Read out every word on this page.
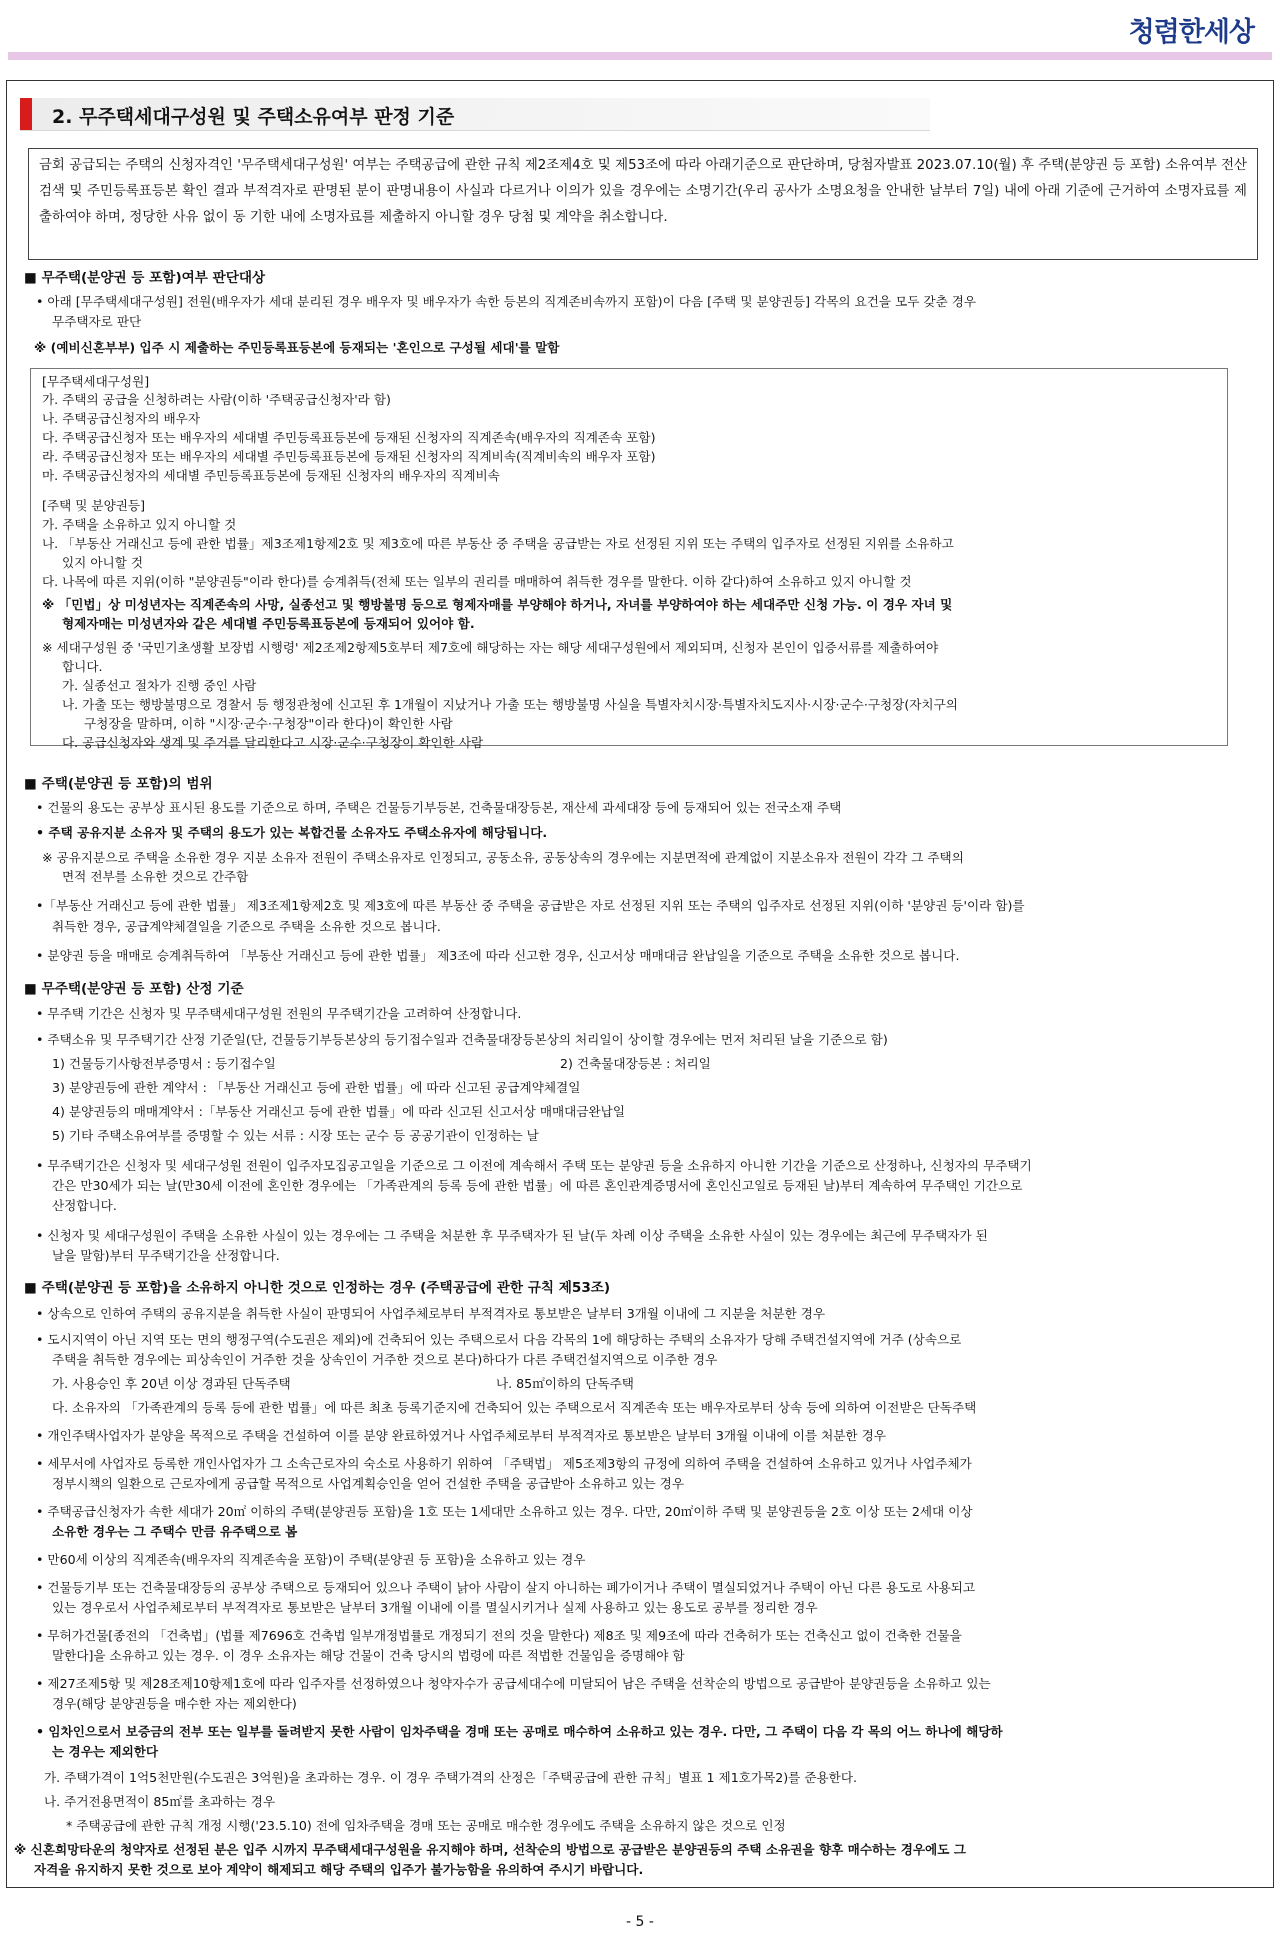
청렴한세상
2. 무주택세대구성원 및 주택소유여부 판정 기준
금회 공급되는 주택의 신청자격인 '무주택세대구성원' 여부는 주택공급에 관한 규칙 제2조제4호 및 제53조에 따라 아래기준으로 판단하며, 당첨자발표 2023.07.10(월) 후 주택(분양권 등 포함) 소유여부 전산검색 및 주민등록표등본 확인 결과 부적격자로 판명된 분이 판명내용이 사실과 다르거나 이의가 있을 경우에는 소명기간(우리 공사가 소명요청을 안내한 날부터 7일) 내에 아래 기준에 근거하여 소명자료를 제출하여야 하며, 정당한 사유 없이 동 기한 내에 소명자료를 제출하지 아니할 경우 당첨 및 계약을 취소합니다.
■ 무주택(분양권 등 포함)여부 판단대상
• 아래 [무주택세대구성원] 전원(배우자가 세대 분리된 경우 배우자 및 배우자가 속한 등본의 직계존비속까지 포함)이 다음 [주택 및 분양권등] 각목의 요건을 모두 갖춘 경우
무주택자로 판단
※ (예비신혼부부) 입주 시 제출하는 주민등록표등본에 등재되는 '혼인으로 구성될 세대'를 말함
[무주택세대구성원]
가. 주택의 공급을 신청하려는 사람(이하 '주택공급신청자'라 함)
나. 주택공급신청자의 배우자
다. 주택공급신청자 또는 배우자의 세대별 주민등록표등본에 등재된 신청자의 직계존속(배우자의 직계존속 포함)
라. 주택공급신청자 또는 배우자의 세대별 주민등록표등본에 등재된 신청자의 직계비속(직계비속의 배우자 포함)
마. 주택공급신청자의 세대별 주민등록표등본에 등재된 신청자의 배우자의 직계비속
[주택 및 분양권등]
가. 주택을 소유하고 있지 아니할 것
나. 「부동산 거래신고 등에 관한 법률」제3조제1항제2호 및 제3호에 따른 부동산 중 주택을 공급받는 자로 선정된 지위 또는 주택의 입주자로 선정된 지위를 소유하고
있지 아니할 것
다. 나목에 따른 지위(이하 "분양권등"이라 한다)를 승계취득(전체 또는 일부의 권리를 매매하여 취득한 경우를 말한다. 이하 같다)하여 소유하고 있지 아니할 것
※ 「민법」상 미성년자는 직계존속의 사망, 실종선고 및 행방불명 등으로 형제자매를 부양해야 하거나, 자녀를 부양하여야 하는 세대주만 신청 가능. 이 경우 자녀 및
형제자매는 미성년자와 같은 세대별 주민등록표등본에 등재되어 있어야 함.
※ 세대구성원 중 '국민기초생활 보장법 시행령' 제2조제2항제5호부터 제7호에 해당하는 자는 해당 세대구성원에서 제외되며, 신청자 본인이 입증서류를 제출하여야
합니다.
가. 실종선고 절차가 진행 중인 사람
나. 가출 또는 행방불명으로 경찰서 등 행정관청에 신고된 후 1개월이 지났거나 가출 또는 행방불명 사실을 특별자치시장·특별자치도지사·시장·군수·구청장(자치구의
구청장을 말하며, 이하 "시장·군수·구청장"이라 한다)이 확인한 사람
다. 공급신청자와 생계 및 주거를 달리한다고 시장·군수·구청장이 확인한 사람
■ 주택(분양권 등 포함)의 범위
• 건물의 용도는 공부상 표시된 용도를 기준으로 하며, 주택은 건물등기부등본, 건축물대장등본, 재산세 과세대장 등에 등재되어 있는 전국소재 주택
• 주택 공유지분 소유자 및 주택의 용도가 있는 복합건물 소유자도 주택소유자에 해당됩니다.
※ 공유지분으로 주택을 소유한 경우 지분 소유자 전원이 주택소유자로 인정되고, 공동소유, 공동상속의 경우에는 지분면적에 관계없이 지분소유자 전원이 각각 그 주택의
면적 전부를 소유한 것으로 간주함
•「부동산 거래신고 등에 관한 법률」 제3조제1항제2호 및 제3호에 따른 부동산 중 주택을 공급받은 자로 선정된 지위 또는 주택의 입주자로 선정된 지위(이하 '분양권 등'이라 함)를
취득한 경우, 공급계약체결일을 기준으로 주택을 소유한 것으로 봅니다.
• 분양권 등을 매매로 승계취득하여 「부동산 거래신고 등에 관한 법률」 제3조에 따라 신고한 경우, 신고서상 매매대금 완납일을 기준으로 주택을 소유한 것으로 봅니다.
■ 무주택(분양권 등 포함) 산정 기준
• 무주택 기간은 신청자 및 무주택세대구성원 전원의 무주택기간을 고려하여 산정합니다.
• 주택소유 및 무주택기간 산정 기준일(단, 건물등기부등본상의 등기접수일과 건축물대장등본상의 처리일이 상이할 경우에는 먼저 처리된 날을 기준으로 함)
1) 건물등기사항전부증명서 : 등기접수일	2) 건축물대장등본 : 처리일
3) 분양권등에 관한 계약서 : 「부동산 거래신고 등에 관한 법률」에 따라 신고된 공급계약체결일
4) 분양권등의 매매계약서 :「부동산 거래신고 등에 관한 법률」에 따라 신고된 신고서상 매매대금완납일
5) 기타 주택소유여부를 증명할 수 있는 서류 : 시장 또는 군수 등 공공기관이 인정하는 날
• 무주택기간은 신청자 및 세대구성원 전원이 입주자모집공고일을 기준으로 그 이전에 계속해서 주택 또는 분양권 등을 소유하지 아니한 기간을 기준으로 산정하나, 신청자의 무주택기
간은 만30세가 되는 날(만30세 이전에 혼인한 경우에는 「가족관계의 등록 등에 관한 법률」에 따른 혼인관계증명서에 혼인신고일로 등재된 날)부터 계속하여 무주택인 기간으로
산정합니다.
• 신청자 및 세대구성원이 주택을 소유한 사실이 있는 경우에는 그 주택을 처분한 후 무주택자가 된 날(두 차례 이상 주택을 소유한 사실이 있는 경우에는 최근에 무주택자가 된
날을 말함)부터 무주택기간을 산정합니다.
■ 주택(분양권 등 포함)을 소유하지 아니한 것으로 인정하는 경우 (주택공급에 관한 규칙 제53조)
• 상속으로 인하여 주택의 공유지분을 취득한 사실이 판명되어 사업주체로부터 부적격자로 통보받은 날부터 3개월 이내에 그 지분을 처분한 경우
• 도시지역이 아닌 지역 또는 면의 행정구역(수도권은 제외)에 건축되어 있는 주택으로서 다음 각목의 1에 해당하는 주택의 소유자가 당해 주택건설지역에 거주 (상속으로
주택을 취득한 경우에는 피상속인이 거주한 것을 상속인이 거주한 것으로 본다)하다가 다른 주택건설지역으로 이주한 경우
가. 사용승인 후 20년 이상 경과된 단독주택	나. 85㎡이하의 단독주택
다. 소유자의 「가족관계의 등록 등에 관한 법률」에 따른 최초 등록기준지에 건축되어 있는 주택으로서 직계존속 또는 배우자로부터 상속 등에 의하여 이전받은 단독주택
• 개인주택사업자가 분양을 목적으로 주택을 건설하여 이를 분양 완료하였거나 사업주체로부터 부적격자로 통보받은 날부터 3개월 이내에 이를 처분한 경우
• 세무서에 사업자로 등록한 개인사업자가 그 소속근로자의 숙소로 사용하기 위하여 「주택법」 제5조제3항의 규정에 의하여 주택을 건설하여 소유하고 있거나 사업주체가
정부시책의 일환으로 근로자에게 공급할 목적으로 사업계획승인을 얻어 건설한 주택을 공급받아 소유하고 있는 경우
• 주택공급신청자가 속한 세대가 20㎡ 이하의 주택(분양권등 포함)을 1호 또는 1세대만 소유하고 있는 경우. 다만, 20㎡이하 주택 및 분양권등을 2호 이상 또는 2세대 이상
소유한 경우는 그 주택수 만큼 유주택으로 봄
• 만60세 이상의 직계존속(배우자의 직계존속을 포함)이 주택(분양권 등 포함)을 소유하고 있는 경우
• 건물등기부 또는 건축물대장등의 공부상 주택으로 등재되어 있으나 주택이 낡아 사람이 살지 아니하는 폐가이거나 주택이 멸실되었거나 주택이 아닌 다른 용도로 사용되고
있는 경우로서 사업주체로부터 부적격자로 통보받은 날부터 3개월 이내에 이를 멸실시키거나 실제 사용하고 있는 용도로 공부를 정리한 경우
• 무허가건물[종전의 「건축법」(법률 제7696호 건축법 일부개정법률로 개정되기 전의 것을 말한다) 제8조 및 제9조에 따라 건축허가 또는 건축신고 없이 건축한 건물을
말한다]을 소유하고 있는 경우. 이 경우 소유자는 해당 건물이 건축 당시의 법령에 따른 적법한 건물임을 증명해야 함
• 제27조제5항 및 제28조제10항제1호에 따라 입주자를 선정하였으나 청약자수가 공급세대수에 미달되어 남은 주택을 선착순의 방법으로 공급받아 분양권등을 소유하고 있는
경우(해당 분양권등을 매수한 자는 제외한다)
• 임차인으로서 보증금의 전부 또는 일부를 돌려받지 못한 사람이 임차주택을 경매 또는 공매로 매수하여 소유하고 있는 경우. 다만, 그 주택이 다음 각 목의 어느 하나에 해당하
는 경우는 제외한다
가. 주택가격이 1억5천만원(수도권은 3억원)을 초과하는 경우. 이 경우 주택가격의 산정은「주택공급에 관한 규칙」별표 1 제1호가목2)를 준용한다.
나. 주거전용면적이 85㎡를 초과하는 경우
* 주택공급에 관한 규칙 개정 시행('23.5.10) 전에 임차주택을 경매 또는 공매로 매수한 경우에도 주택을 소유하지 않은 것으로 인정
※ 신혼희망타운의 청약자로 선정된 분은 입주 시까지 무주택세대구성원을 유지해야 하며, 선착순의 방법으로 공급받은 분양권등의 주택 소유권을 향후 매수하는 경우에도 그
자격을 유지하지 못한 것으로 보아 계약이 해제되고 해당 주택의 입주가 불가능함을 유의하여 주시기 바랍니다.
- 5 -
